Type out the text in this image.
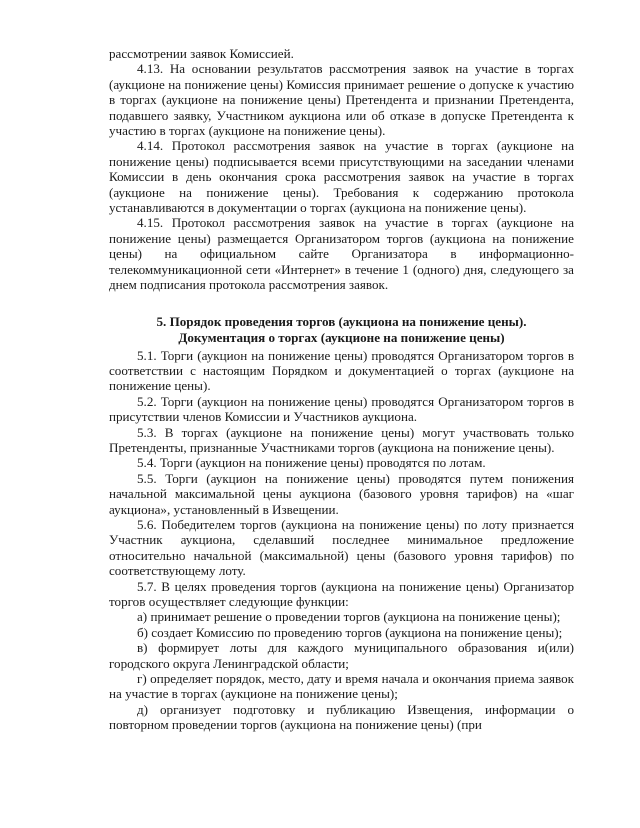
рассмотрении заявок Комиссией.

4.13. На основании результатов рассмотрения заявок на участие в торгах (аукционе на понижение цены) Комиссия принимает решение о допуске к участию в торгах (аукционе на понижение цены) Претендента и признании Претендента, подавшего заявку, Участником аукциона или об отказе в допуске Претендента к участию в торгах (аукционе на понижение цены).

4.14. Протокол рассмотрения заявок на участие в торгах (аукционе на понижение цены) подписывается всеми присутствующими на заседании членами Комиссии в день окончания срока рассмотрения заявок на участие в торгах (аукционе на понижение цены). Требования к содержанию протокола устанавливаются в документации о торгах (аукциона на понижение цены).

4.15. Протокол рассмотрения заявок на участие в торгах (аукционе на понижение цены) размещается Организатором торгов (аукциона на понижение цены) на официальном сайте Организатора в информационно-телекоммуникационной сети «Интернет» в течение 1 (одного) дня, следующего за днем подписания протокола рассмотрения заявок.

5. Порядок проведения торгов (аукциона на понижение цены).
Документация о торгах (аукционе на понижение цены)

5.1. Торги (аукцион на понижение цены) проводятся Организатором торгов в соответствии с настоящим Порядком и документацией о торгах (аукционе на понижение цены).

5.2. Торги (аукцион на понижение цены) проводятся Организатором торгов в присутствии членов Комиссии и Участников аукциона.

5.3. В торгах (аукционе на понижение цены) могут участвовать только Претенденты, признанные Участниками торгов (аукциона на понижение цены).

5.4. Торги (аукцион на понижение цены) проводятся по лотам.

5.5. Торги (аукцион на понижение цены) проводятся путем понижения начальной максимальной цены аукциона (базового уровня тарифов) на «шаг аукциона», установленный в Извещении.

5.6. Победителем торгов (аукциона на понижение цены) по лоту признается Участник аукциона, сделавший последнее минимальное предложение относительно начальной (максимальной) цены (базового уровня тарифов) по соответствующему лоту.

5.7. В целях проведения торгов (аукциона на понижение цены) Организатор торгов осуществляет следующие функции:

а) принимает решение о проведении торгов (аукциона на понижение цены);

б) создает Комиссию по проведению торгов (аукциона на понижение цены);

в) формирует лоты для каждого муниципального образования и(или) городского округа Ленинградской области;

г) определяет порядок, место, дату и время начала и окончания приема заявок на участие в торгах (аукционе на понижение цены);

д) организует подготовку и публикацию Извещения, информации о повторном проведении торгов (аукциона на понижение цены) (при
